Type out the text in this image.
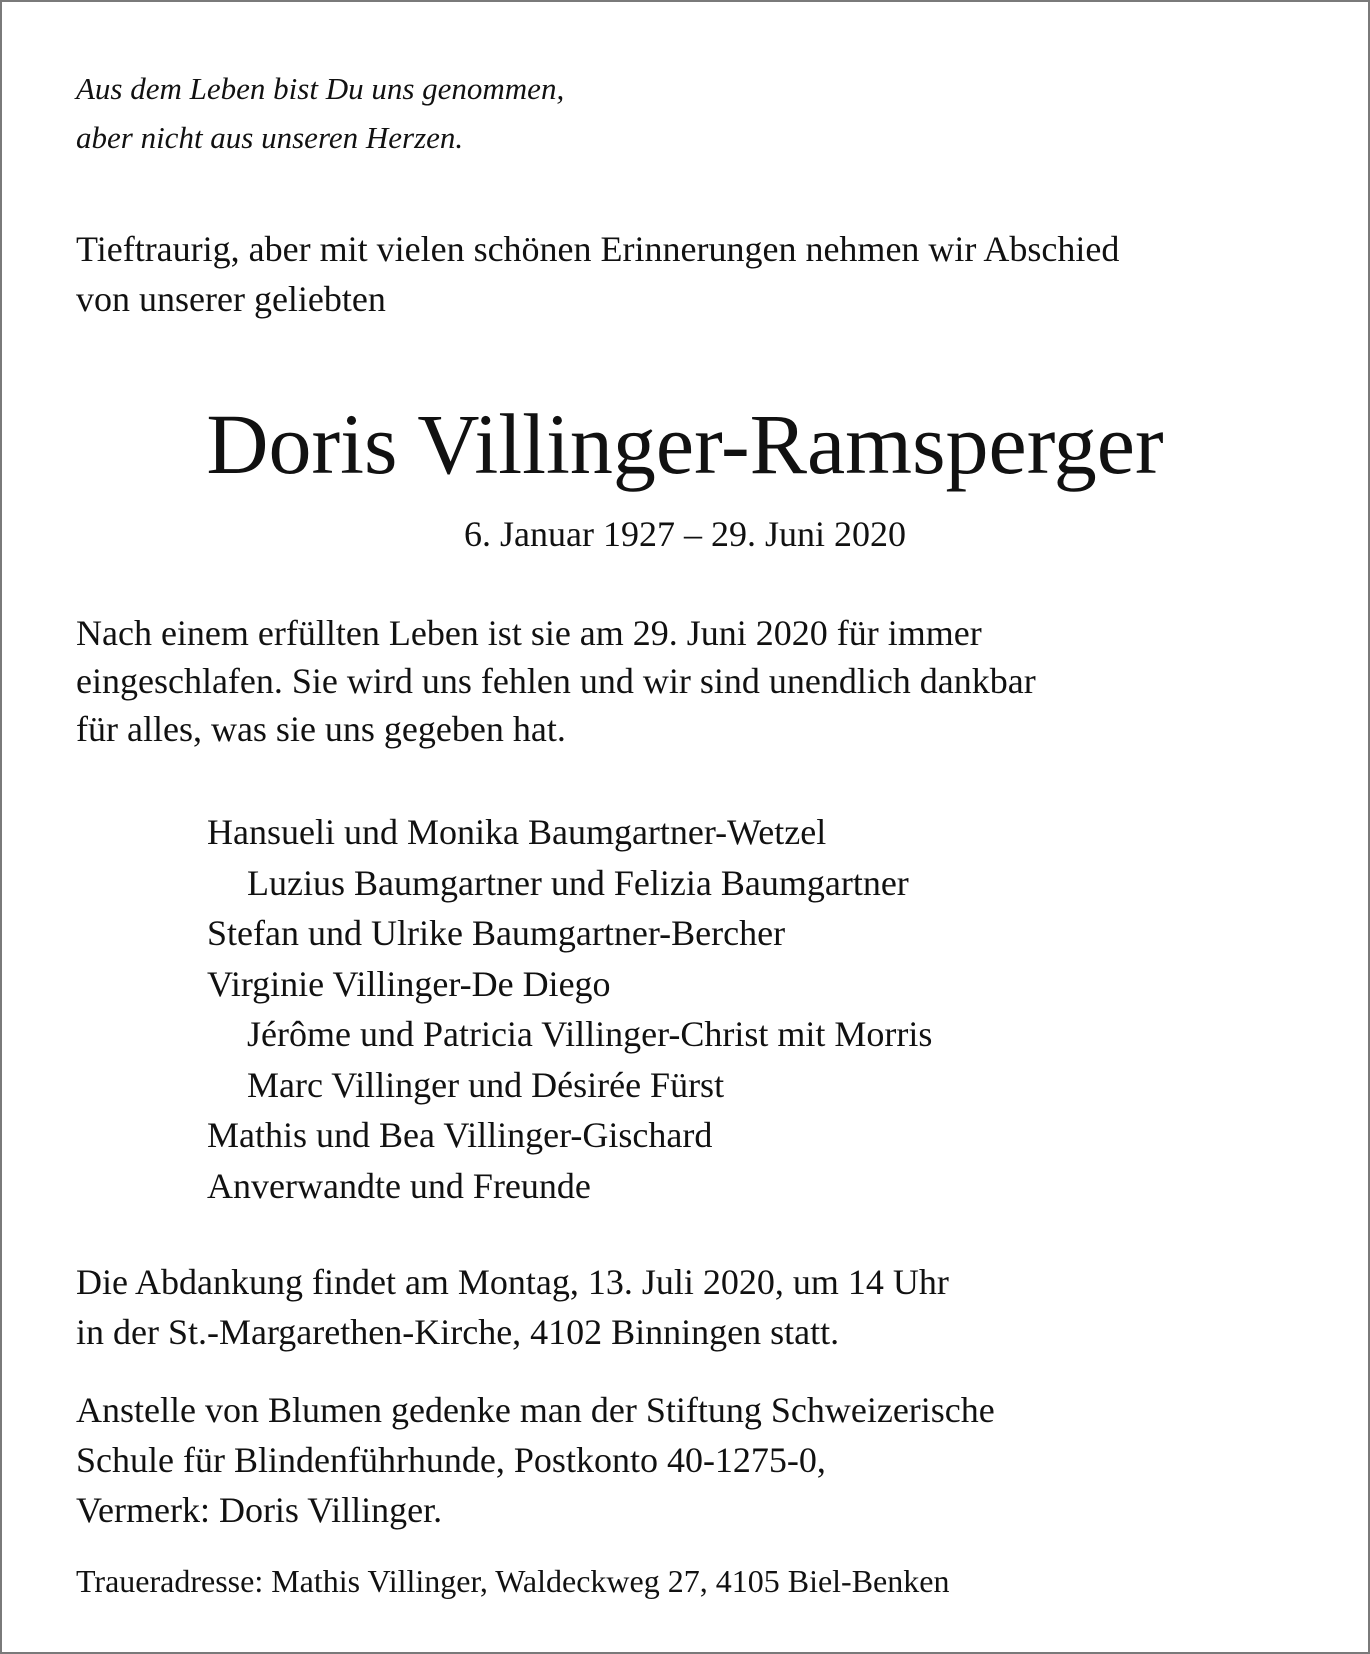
Aus dem Leben bist Du uns genommen,
aber nicht aus unseren Herzen.
Tieftraurig, aber mit vielen schönen Erinnerungen nehmen wir Abschied
von unserer geliebten
Doris Villinger-Ramsperger
6. Januar 1927 – 29. Juni 2020
Nach einem erfüllten Leben ist sie am 29. Juni 2020 für immer
eingeschlafen. Sie wird uns fehlen und wir sind unendlich dankbar
für alles, was sie uns gegeben hat.
Hansueli und Monika Baumgartner-Wetzel
Luzius Baumgartner und Felizia Baumgartner
Stefan und Ulrike Baumgartner-Bercher
Virginie Villinger-De Diego
Jérôme und Patricia Villinger-Christ mit Morris
Marc Villinger und Désirée Fürst
Mathis und Bea Villinger-Gischard
Anverwandte und Freunde
Die Abdankung findet am Montag, 13. Juli 2020, um 14 Uhr
in der St.-Margarethen-Kirche, 4102 Binningen statt.
Anstelle von Blumen gedenke man der Stiftung Schweizerische
Schule für Blindenführhunde, Postkonto 40-1275-0,
Vermerk: Doris Villinger.
Traueradresse: Mathis Villinger, Waldeckweg 27, 4105 Biel-Benken
